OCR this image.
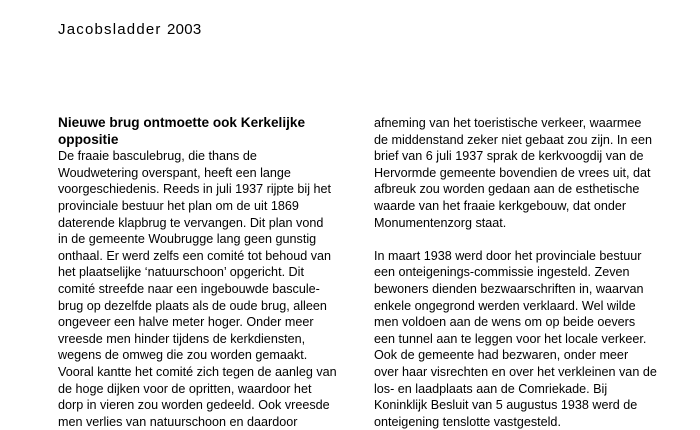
Jacobsladder 2003
Nieuwe brug ontmoette ook Kerkelijke
oppositie
De fraaie basculebrug, die thans de
Woudwetering overspant, heeft een lange
voorgeschiedenis. Reeds in juli 1937 rijpte bij het
provinciale bestuur het plan om de uit 1869
daterende klapbrug te vervangen. Dit plan vond
in de gemeente Woubrugge lang geen gunstig
onthaal. Er werd zelfs een comité tot behoud van
het plaatselijke ‘natuurschoon’ opgericht. Dit
comité streefde naar een ingebouwde bascule-
brug op dezelfde plaats als de oude brug, alleen
ongeveer een halve meter hoger. Onder meer
vreesde men hinder tijdens de kerkdiensten,
wegens de omweg die zou worden gemaakt.
Vooral kantte het comité zich tegen de aanleg van
de hoge dijken voor de opritten, waardoor het
dorp in vieren zou worden gedeeld. Ook vreesde
men verlies van natuurschoon en daardoor
afneming van het toeristische verkeer, waarmee
de middenstand zeker niet gebaat zou zijn. In een
brief van 6 juli 1937 sprak de kerkvoogdij van de
Hervormde gemeente bovendien de vrees uit, dat
afbreuk zou worden gedaan aan de esthetische
waarde van het fraaie kerkgebouw, dat onder
Monumentenzorg staat.
In maart 1938 werd door het provinciale bestuur
een onteigenings-commissie ingesteld. Zeven
bewoners dienden bezwaarschriften in, waarvan
enkele ongegrond werden verklaard. Wel wilde
men voldoen aan de wens om op beide oevers
een tunnel aan te leggen voor het locale verkeer.
Ook de gemeente had bezwaren, onder meer
over haar visrechten en over het verkleinen van de
los- en laadplaats aan de Comriekade. Bij
Koninklijk Besluit van 5 augustus 1938 werd de
onteigening tenslotte vastgesteld.
